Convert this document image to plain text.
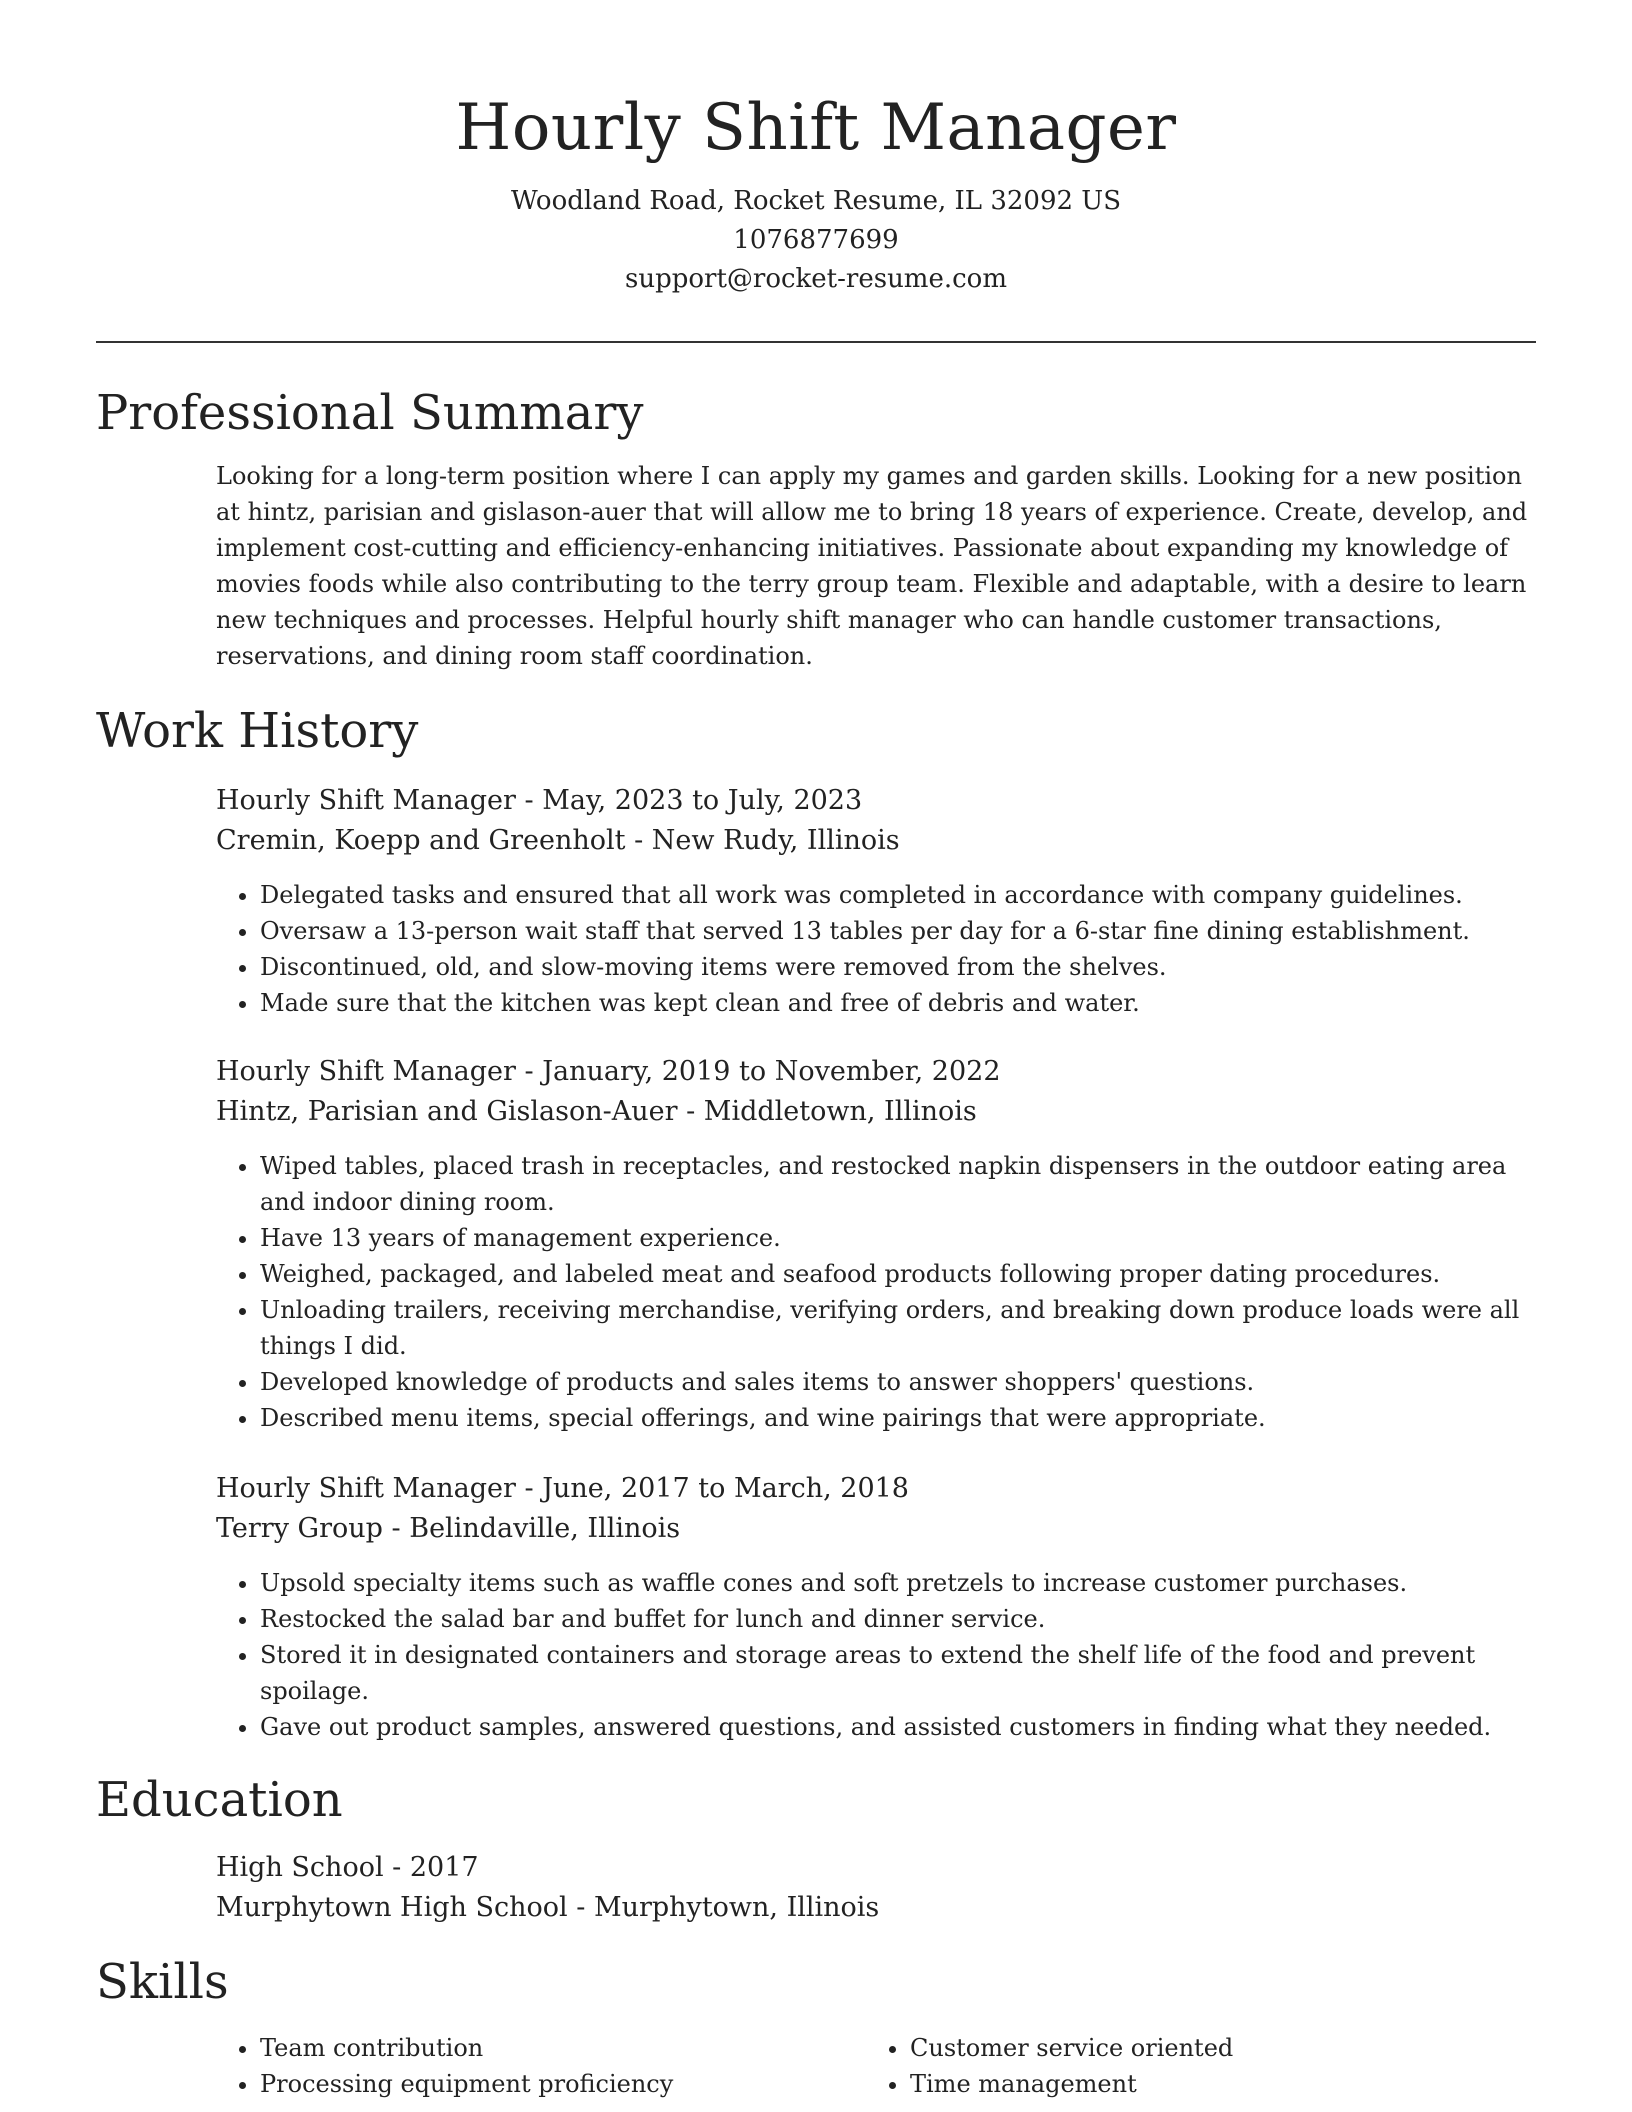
Hourly Shift Manager
Woodland Road, Rocket Resume, IL 32092 US
1076877699
support@rocket-resume.com
Professional Summary

Looking for a long-term position where I can apply my games and garden skills. Looking for a new position at hintz, parisian and gislason-auer that will allow me to bring 18 years of experience. Create, develop, and implement cost-cutting and efficiency-enhancing initiatives. Passionate about expanding my knowledge of movies foods while also contributing to the terry group team. Flexible and adaptable, with a desire to learn new techniques and processes. Helpful hourly shift manager who can handle customer transactions, reservations, and dining room staff coordination.

Work History
Hourly Shift Manager - May, 2023 to July, 2023
Cremin, Koepp and Greenholt - New Rudy, Illinois
• Delegated tasks and ensured that all work was completed in accordance with company guidelines.
• Oversaw a 13-person wait staff that served 13 tables per day for a 6-star fine dining establishment.
• Discontinued, old, and slow-moving items were removed from the shelves.
• Made sure that the kitchen was kept clean and free of debris and water.
Hourly Shift Manager - January, 2019 to November, 2022
Hintz, Parisian and Gislason-Auer - Middletown, Illinois
• Wiped tables, placed trash in receptacles, and restocked napkin dispensers in the outdoor eating area and indoor dining room.
• Have 13 years of management experience.
• Weighed, packaged, and labeled meat and seafood products following proper dating procedures.
• Unloading trailers, receiving merchandise, verifying orders, and breaking down produce loads were all things I did.
• Developed knowledge of products and sales items to answer shoppers' questions.
• Described menu items, special offerings, and wine pairings that were appropriate.
Hourly Shift Manager - June, 2017 to March, 2018
Terry Group - Belindaville, Illinois
• Upsold specialty items such as waffle cones and soft pretzels to increase customer purchases.
• Restocked the salad bar and buffet for lunch and dinner service.
• Stored it in designated containers and storage areas to extend the shelf life of the food and prevent spoilage.
• Gave out product samples, answered questions, and assisted customers in finding what they needed.
Education
High School - 2017
Murphytown High School - Murphytown, Illinois
Skills
• Team contribution
• Processing equipment proficiency
• Customer service oriented
• Time management
